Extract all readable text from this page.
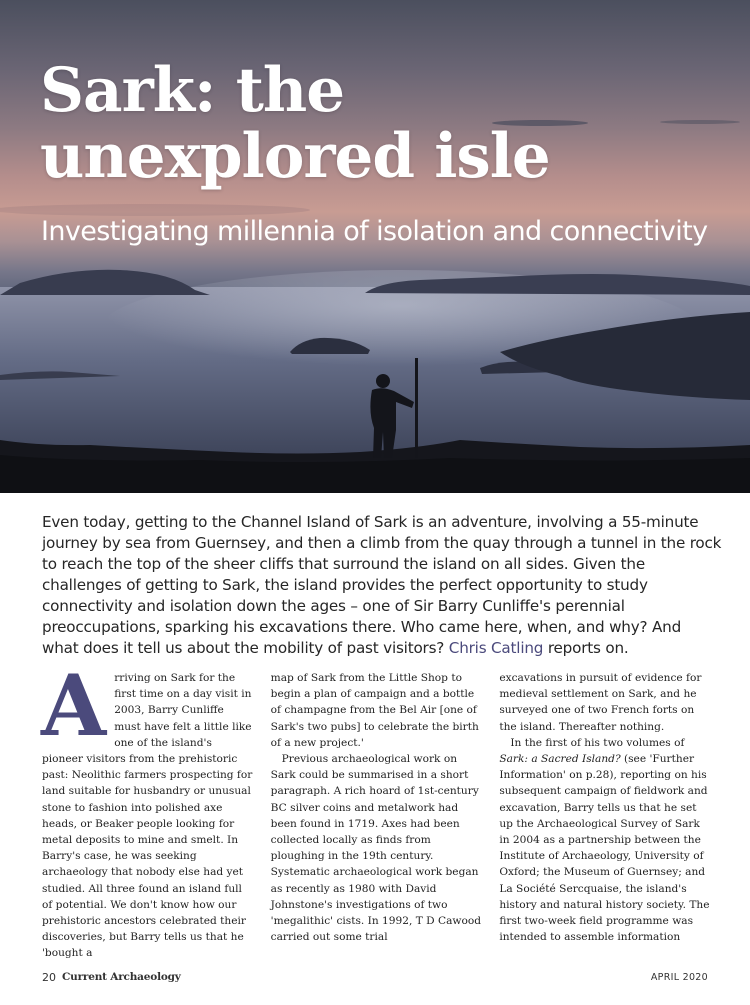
Sark: the
unexplored isle
Investigating millennia of isolation and connectivity
Even today, getting to the Channel Island of Sark is an adventure, involving a 55-minute journey by sea from Guernsey, and then a climb from the quay through a tunnel in the rock to reach the top of the sheer cliffs that surround the island on all sides. Given the challenges of getting to Sark, the island provides the perfect opportunity to study connectivity and isolation down the ages – one of Sir Barry Cunliffe's perennial preoccupations, sparking his excavations there. Who came here, when, and why? And what does it tell us about the mobility of past visitors? Chris Catling reports on.

Arriving on Sark for the first time on a day visit in 2003, Barry Cunliffe must have felt a little like one of the island's pioneer visitors from the prehistoric past: Neolithic farmers prospecting for land suitable for husbandry or unusual stone to fashion into polished axe heads, or Beaker people looking for metal deposits to mine and smelt. In Barry's case, he was seeking archaeology that nobody else had yet studied. All three found an island full of potential. We don't know how our prehistoric ancestors celebrated their discoveries, but Barry tells us that he 'bought a

map of Sark from the Little Shop to begin a plan of campaign and a bottle of champagne from the Bel Air [one of Sark's two pubs] to celebrate the birth of a new project.'

Previous archaeological work on Sark could be summarised in a short paragraph. A rich hoard of 1st-century BC silver coins and metalwork had been found in 1719. Axes had been collected locally as finds from ploughing in the 19th century. Systematic archaeological work began as recently as 1980 with David Johnstone's investigations of two 'megalithic' cists. In 1992, T D Cawood carried out some trial

excavations in pursuit of evidence for medieval settlement on Sark, and he surveyed one of two French forts on the island. Thereafter nothing.

In the first of his two volumes of Sark: a Sacred Island? (see 'Further Information' on p.28), reporting on his subsequent campaign of fieldwork and excavation, Barry tells us that he set up the Archaeological Survey of Sark in 2004 as a partnership between the Institute of Archaeology, University of Oxford; the Museum of Guernsey; and La Société Sercquaise, the island's history and natural history society. The first two-week field programme was intended to assemble information

20 Current Archaeology	APRIL 2020
